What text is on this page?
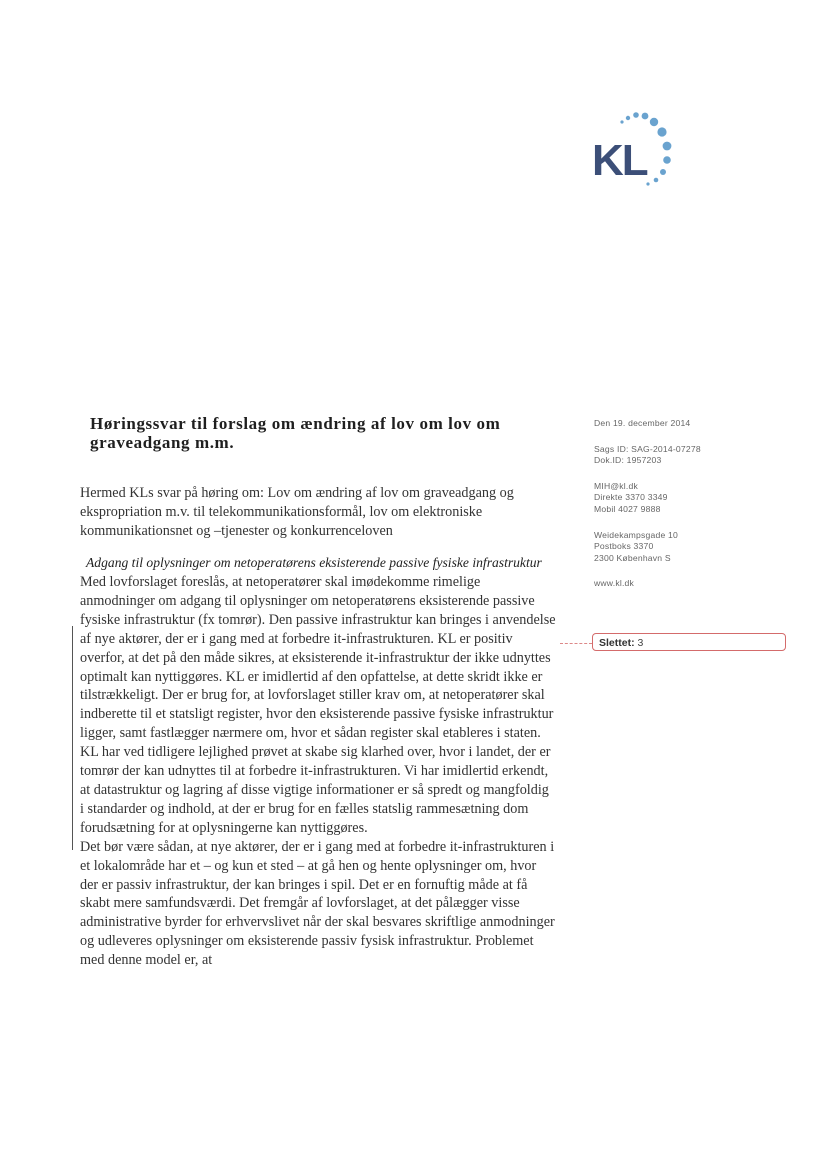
KL
Høringssvar til forslag om ændring af lov om lov om graveadgang m.m.

Hermed KLs svar på høring om: Lov om ændring af lov om graveadgang og ekspropriation m.v. til telekommunikationsformål, lov om elektroniske kommunikationsnet og –tjenester og konkurrenceloven

Adgang til oplysninger om netoperatørens eksisterende passive fysiske infrastruktur

Med lovforslaget foreslås, at netoperatører skal imødekomme rimelige anmodninger om adgang til oplysninger om netoperatørens eksisterende passive fysiske infrastruktur (fx tomrør). Den passive infrastruktur kan bringes i anvendelse af nye aktører, der er i gang med at forbedre it-infrastrukturen. KL er positiv overfor, at det på den måde sikres, at eksisterende it-infrastruktur der ikke udnyttes optimalt kan nyttiggøres. KL er imidlertid af den opfattelse, at dette skridt ikke er tilstrækkeligt. Der er brug for, at lovforslaget stiller krav om, at netoperatører skal indberette til et statsligt register, hvor den eksisterende passive fysiske infrastruktur ligger, samt fastlægger nærmere om, hvor et sådan register skal etableres i staten.

KL har ved tidligere lejlighed prøvet at skabe sig klarhed over, hvor i landet, der er tomrør der kan udnyttes til at forbedre it-infrastrukturen. Vi har imidlertid erkendt, at datastruktur og lagring af disse vigtige informationer er så spredt og mangfoldig i standarder og indhold, at der er brug for en fælles statslig rammesætning dom forudsætning for at oplysningerne kan nyttiggøres.

Det bør være sådan, at nye aktører, der er i gang med at forbedre it-infrastrukturen i et lokalområde har et – og kun et sted – at gå hen og hente oplysninger om, hvor der er passiv infrastruktur, der kan bringes i spil. Det er en fornuftig måde at få skabt mere samfundsværdi. Det fremgår af lovforslaget, at det pålægger visse administrative byrder for erhvervslivet når der skal besvares skriftlige anmodninger og udleveres oplysninger om eksisterende passiv fysisk infrastruktur. Problemet med denne model er, at

Den 19. december 2014
Sags ID: SAG-2014-07278
Dok.ID: 1957203
MIH@kl.dk
Direkte 3370 3349
Mobil 4027 9888
Weidekampsgade 10
Postboks 3370
2300 København S
www.kl.dk
Slettet: 3
